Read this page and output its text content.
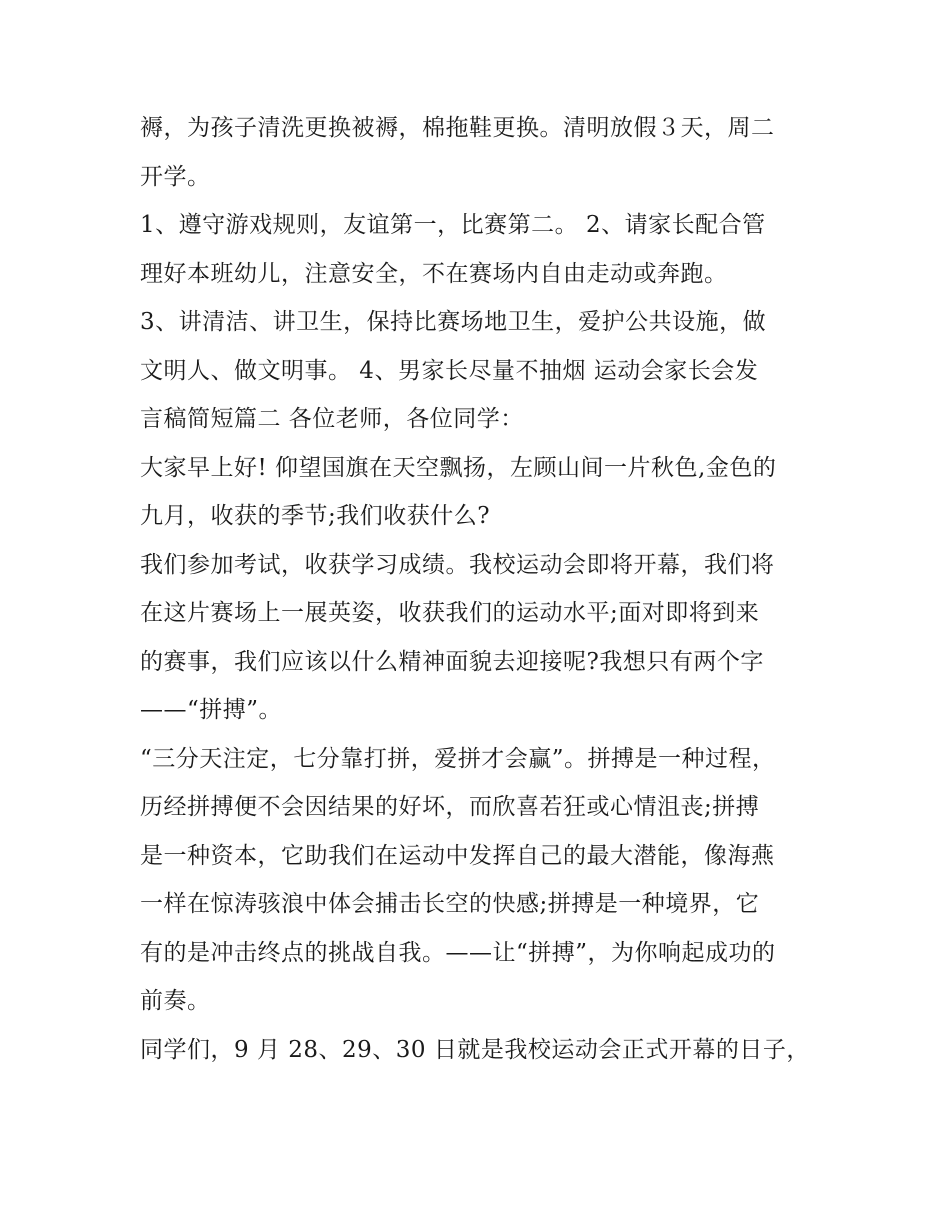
褥，为孩子清洗更换被褥，棉拖鞋更换。清明放假３天，周二
开学。
1、遵守游戏规则，友谊第一，比赛第二。 2、请家长配合管
理好本班幼儿，注意安全，不在赛场内自由走动或奔跑。
3、讲清洁、讲卫生，保持比赛场地卫生，爱护公共设施，做
文明人、做文明事。 4、男家长尽量不抽烟 运动会家长会发
言稿简短篇二 各位老师，各位同学：
大家早上好! 仰望国旗在天空飘扬，左顾山间一片秋色,金色的
九月，收获的季节;我们收获什么?
我们参加考试，收获学习成绩。我校运动会即将开幕，我们将
在这片赛场上一展英姿，收获我们的运动水平;面对即将到来
的赛事，我们应该以什么精神面貌去迎接呢?我想只有两个字
——“拼搏”。
“三分天注定，七分靠打拼，爱拼才会赢”。拼搏是一种过程，
历经拼搏便不会因结果的好坏，而欣喜若狂或心情沮丧;拼搏
是一种资本，它助我们在运动中发挥自己的最大潜能，像海燕
一样在惊涛骇浪中体会捕击长空的快感;拼搏是一种境界，它
有的是冲击终点的挑战自我。——让“拼搏”，为你响起成功的
前奏。
同学们，9 月 28、29、30 日就是我校运动会正式开幕的日子，
